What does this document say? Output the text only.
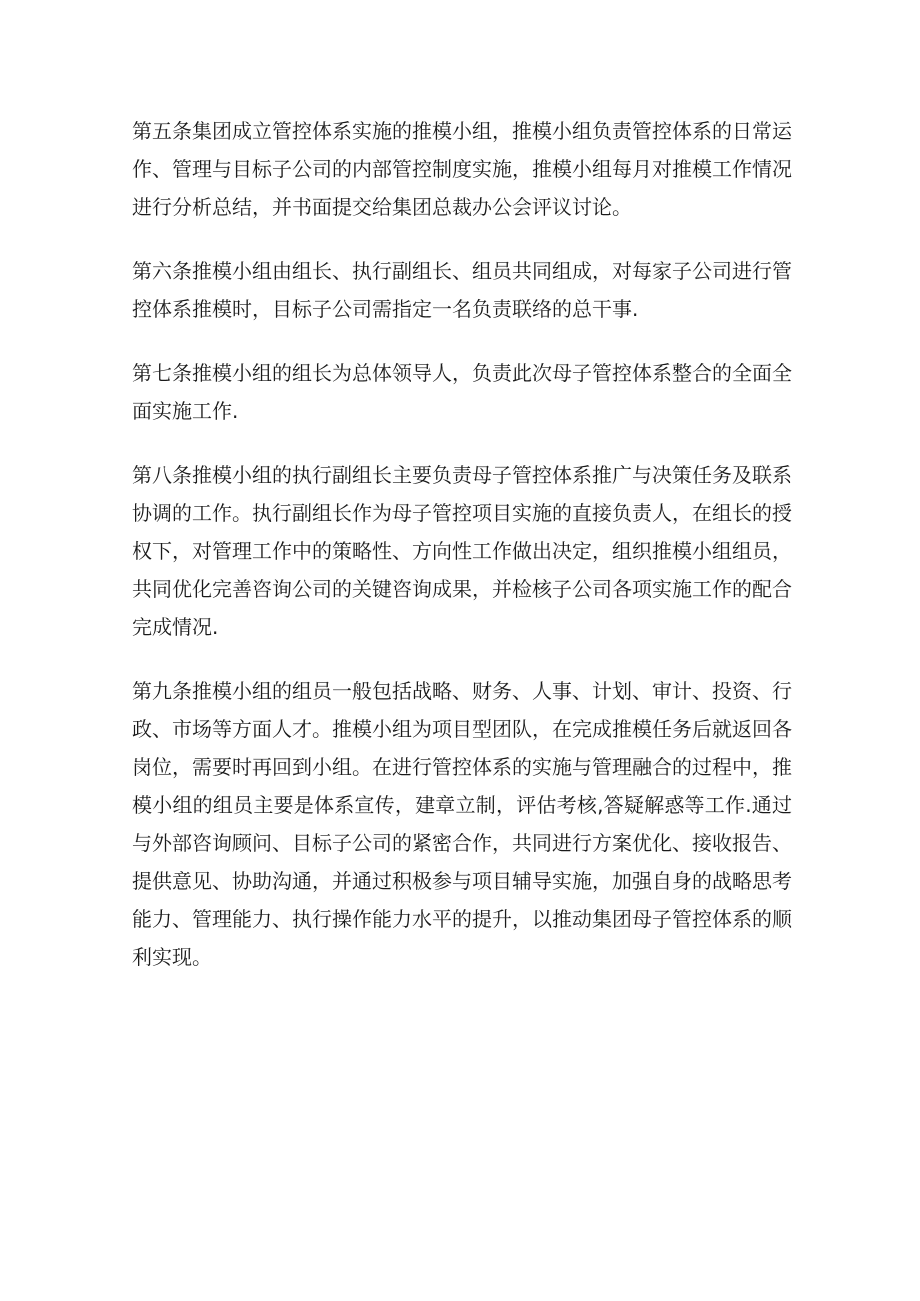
第五条集团成立管控体系实施的推模小组，推模小组负责管控体系的日常运作、管理与目标子公司的内部管控制度实施，推模小组每月对推模工作情况进行分析总结，并书面提交给集团总裁办公会评议讨论。

第六条推模小组由组长、执行副组长、组员共同组成，对每家子公司进行管控体系推模时，目标子公司需指定一名负责联络的总干事.

第七条推模小组的组长为总体领导人，负责此次母子管控体系整合的全面全面实施工作.

第八条推模小组的执行副组长主要负责母子管控体系推广与决策任务及联系协调的工作。执行副组长作为母子管控项目实施的直接负责人，在组长的授权下，对管理工作中的策略性、方向性工作做出决定，组织推模小组组员，共同优化完善咨询公司的关键咨询成果，并检核子公司各项实施工作的配合完成情况.

第九条推模小组的组员一般包括战略、财务、人事、计划、审计、投资、行政、市场等方面人才。推模小组为项目型团队，在完成推模任务后就返回各岗位，需要时再回到小组。在进行管控体系的实施与管理融合的过程中，推模小组的组员主要是体系宣传，建章立制，评估考核,答疑解惑等工作.通过与外部咨询顾问、目标子公司的紧密合作，共同进行方案优化、接收报告、提供意见、协助沟通，并通过积极参与项目辅导实施，加强自身的战略思考能力、管理能力、执行操作能力水平的提升，以推动集团母子管控体系的顺利实现。
